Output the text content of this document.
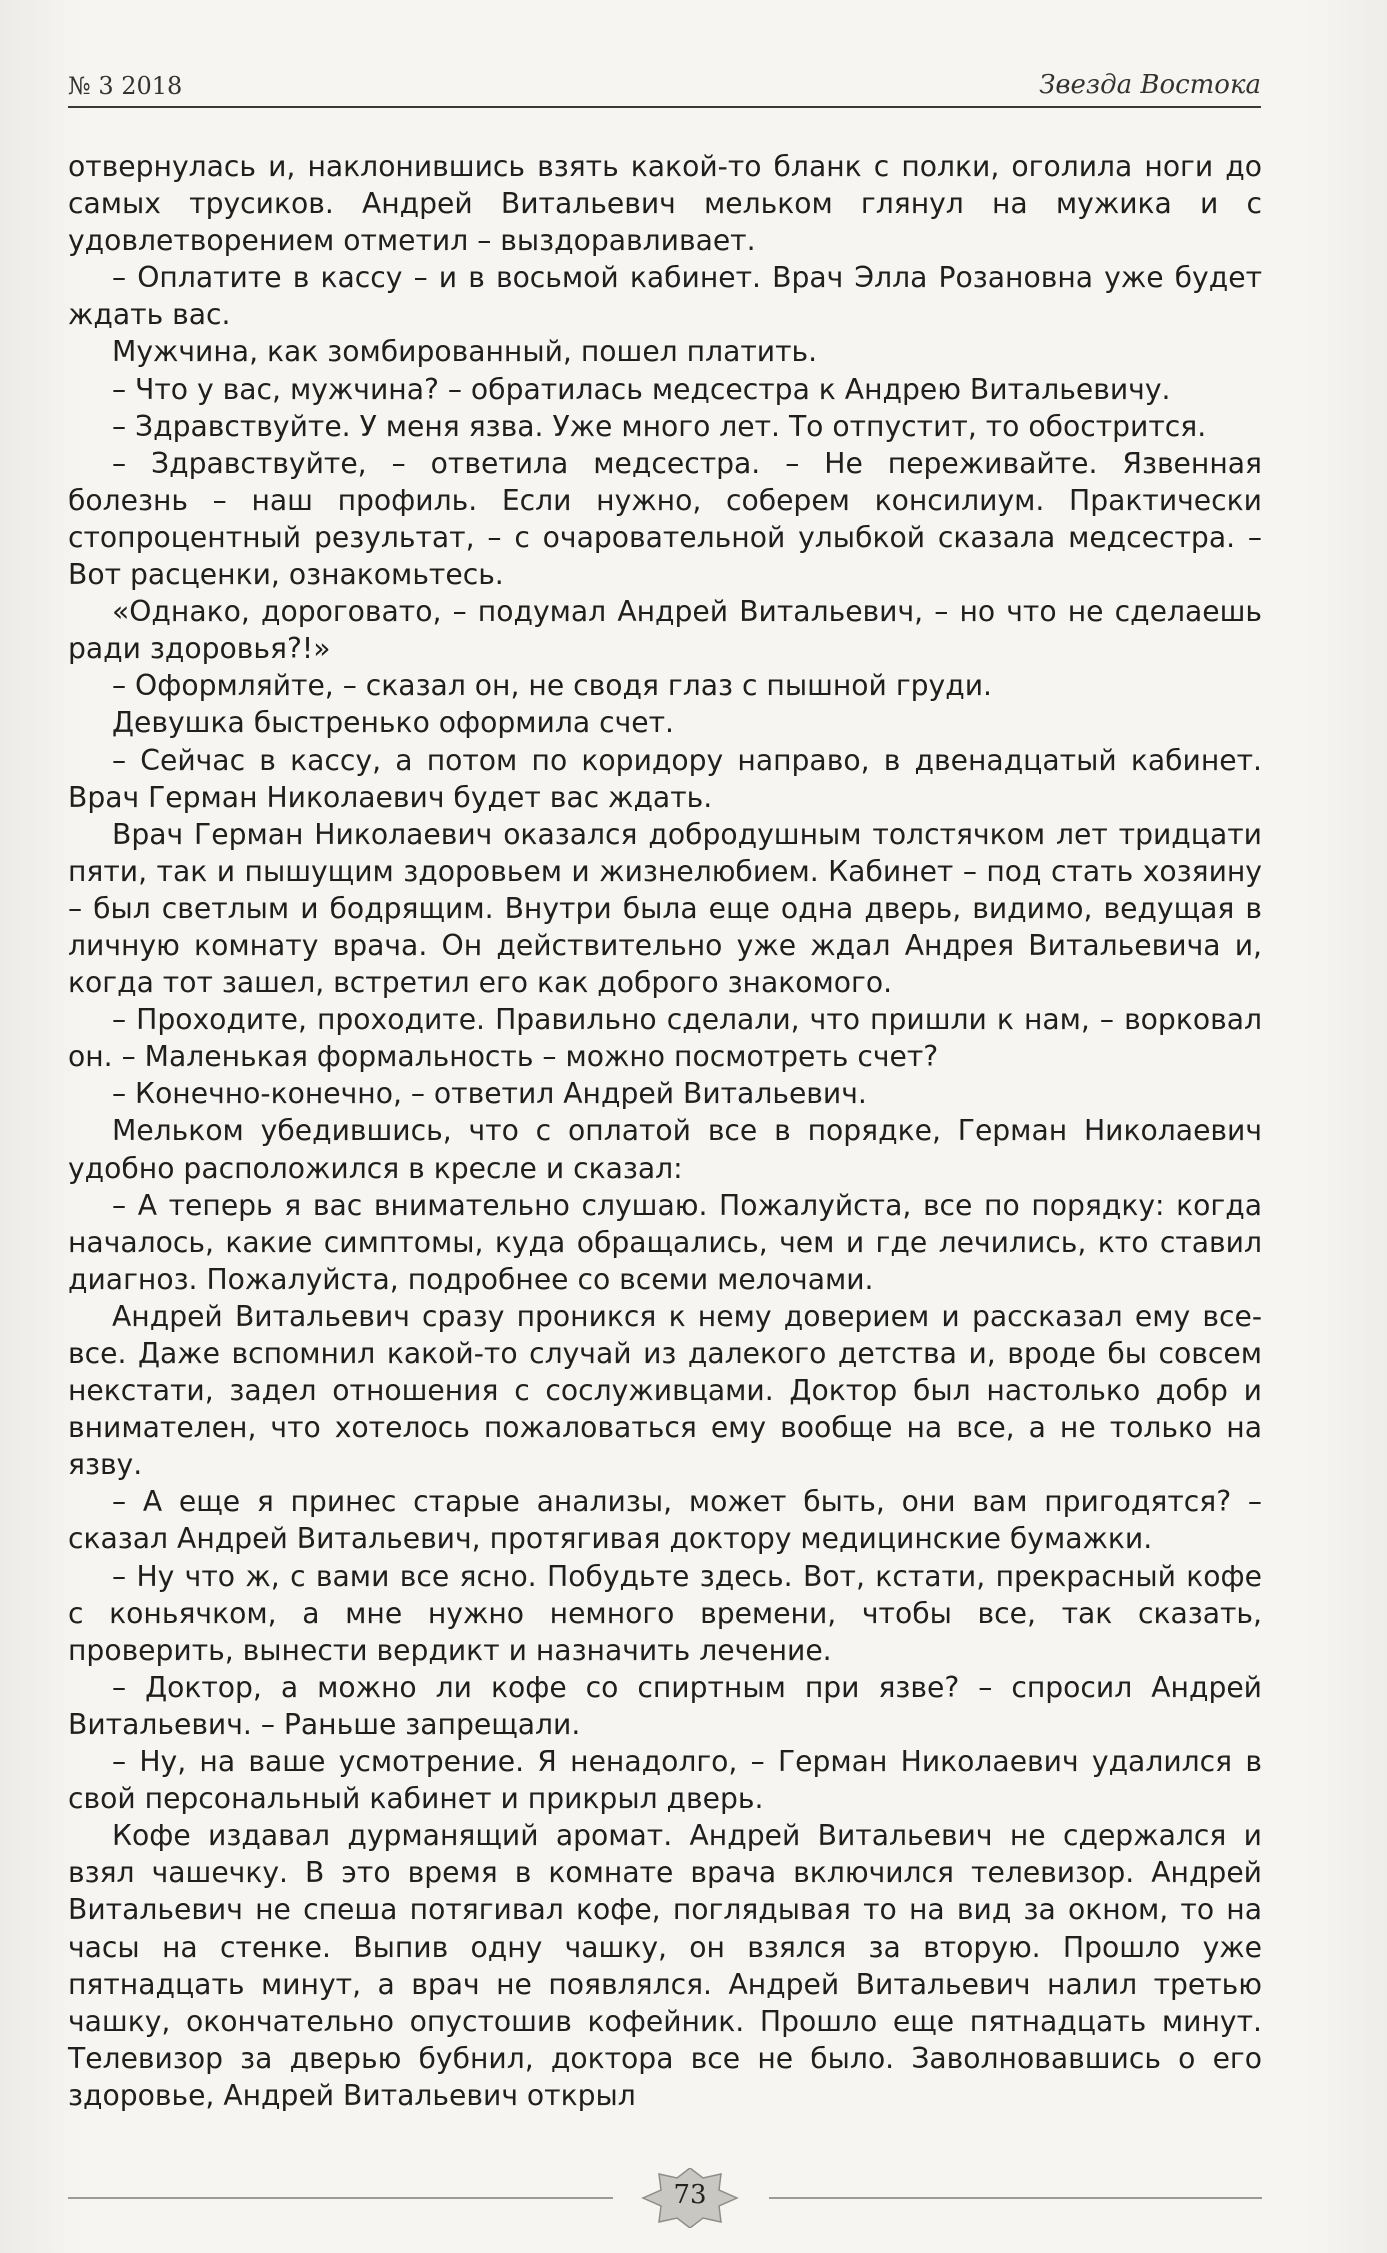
№ 3 2018	Звезда Востока

отвернулась и, наклонившись взять какой-то бланк с полки, оголила ноги до самых трусиков. Андрей Витальевич мельком глянул на мужика и с удовлетворением отметил – выздоравливает.

– Оплатите в кассу – и в восьмой кабинет. Врач Элла Розановна уже будет ждать вас.

Мужчина, как зомбированный, пошел платить.

– Что у вас, мужчина? – обратилась медсестра к Андрею Витальевичу.

– Здравствуйте. У меня язва. Уже много лет. То отпустит, то обострится.

– Здравствуйте, – ответила медсестра. – Не переживайте. Язвенная болезнь – наш профиль. Если нужно, соберем консилиум. Практически стопроцентный результат, – с очаровательной улыбкой сказала медсестра. – Вот расценки, ознакомьтесь.

«Однако, дороговато, – подумал Андрей Витальевич, – но что не сделаешь ради здоровья?!»

– Оформляйте, – сказал он, не сводя глаз с пышной груди.

Девушка быстренько оформила счет.

– Сейчас в кассу, а потом по коридору направо, в двенадцатый кабинет. Врач Герман Николаевич будет вас ждать.

Врач Герман Николаевич оказался добродушным толстячком лет тридцати пяти, так и пышущим здоровьем и жизнелюбием. Кабинет – под стать хозяину – был светлым и бодрящим. Внутри была еще одна дверь, видимо, ведущая в личную комнату врача. Он действительно уже ждал Андрея Витальевича и, когда тот зашел, встретил его как доброго знакомого.

– Проходите, проходите. Правильно сделали, что пришли к нам, – ворковал он. – Маленькая формальность – можно посмотреть счет?

– Конечно-конечно, – ответил Андрей Витальевич.

Мельком убедившись, что с оплатой все в порядке, Герман Николаевич удобно расположился в кресле и сказал:

– А теперь я вас внимательно слушаю. Пожалуйста, все по порядку: когда началось, какие симптомы, куда обращались, чем и где лечились, кто ставил диагноз. Пожалуйста, подробнее со всеми мелочами.

Андрей Витальевич сразу проникся к нему доверием и рассказал ему все-все. Даже вспомнил какой-то случай из далекого детства и, вроде бы совсем некстати, задел отношения с сослуживцами. Доктор был настолько добр и внимателен, что хотелось пожаловаться ему вообще на все, а не только на язву.

– А еще я принес старые анализы, может быть, они вам пригодятся? – сказал Андрей Витальевич, протягивая доктору медицинские бумажки.

– Ну что ж, с вами все ясно. Побудьте здесь. Вот, кстати, прекрасный кофе с коньячком, а мне нужно немного времени, чтобы все, так сказать, проверить, вынести вердикт и назначить лечение.

– Доктор, а можно ли кофе со спиртным при язве? – спросил Андрей Витальевич. – Раньше запрещали.

– Ну, на ваше усмотрение. Я ненадолго, – Герман Николаевич удалился в свой персональный кабинет и прикрыл дверь.

Кофе издавал дурманящий аромат. Андрей Витальевич не сдержался и взял чашечку. В это время в комнате врача включился телевизор. Андрей Витальевич не спеша потягивал кофе, поглядывая то на вид за окном, то на часы на стенке. Выпив одну чашку, он взялся за вторую. Прошло уже пятнадцать минут, а врач не появлялся. Андрей Витальевич налил третью чашку, окончательно опустошив кофейник. Прошло еще пятнадцать минут. Телевизор за дверью бубнил, доктора все не было. Заволновавшись о его здоровье, Андрей Витальевич открыл

73
